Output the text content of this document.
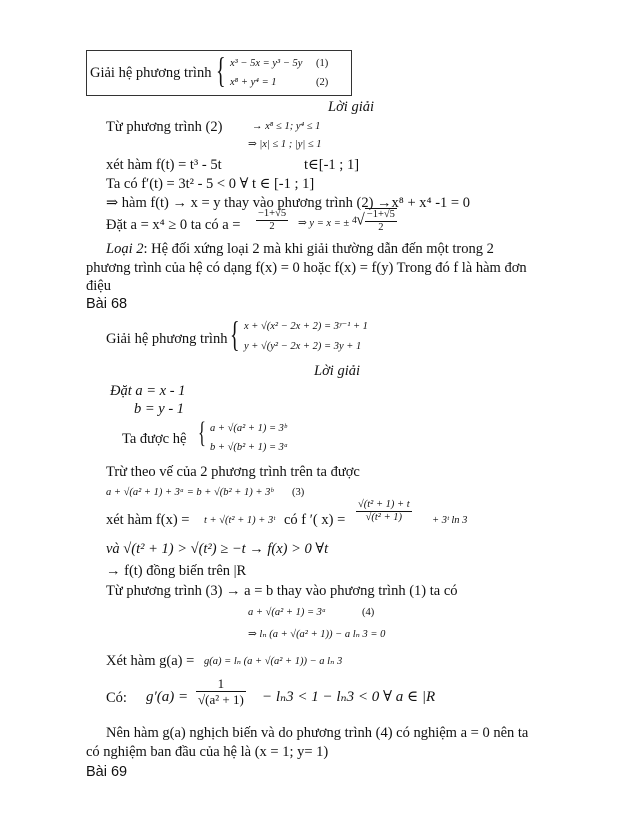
Giải hệ phương trình { x³ − 5x = y³ − 5y (1)
x⁸ + y⁴ = 1	(2)
Lời giải
Từ phương trình (2)	→ x⁸ ≤ 1; y⁴ ≤ 1
⇒ |x| ≤ 1 ; |y| ≤ 1
xét hàm f(t) = t³ - 5t	t∈[-1 ; 1]
Ta có f′(t) = 3t² - 5 < 0 ∀ t ∈ [-1 ; 1]
⇒ hàm f(t) → x = y thay vào phương trình (2) →x⁸ + x⁴ -1 = 0
Đặt a = x⁴ ≥ 0 ta có $a = \frac{-1+√5}{2}$ ⇒ y = x = ± 4 √ $\frac{-1+√5}{2}$
Loại 2: Hệ đối xứng loại 2 mà khi giải thường dẫn đến một trong 2
phương trình của hệ có dạng f(x) = 0 hoặc f(x) = f(y) Trong đó f là hàm đơn
điệu
Bài 68
Giải hệ phương trình { x + √(x² − 2x + 2) = 3ʸ⁻¹ + 1
y + √(y² − 2x + 2) = 3y + 1
Lời giải
Đặt a = x - 1
b = y - 1
Ta được hệ { a + √(a² + 1) = 3ᵇ
b + √(b² + 1) = 3ᵃ
Trừ theo vế của 2 phương trình trên ta được
a + √(a² + 1) + 3ᵃ = b + √(b² + 1) + 3ᵇ (3)
xét hàm f(x) = t + √(t² + 1) + 3ᵗ có f ′( $x) = \frac{\text{√(t² + 1) + t}}{\text{√(t² + 1)}}$ + 3ᵗ ln 3
và √(t² + 1) > √(t²) ≥ −t → f(x) > 0 ∀t
→ f(t) đồng biến trên |R
Từ phương trình (3) → a = b thay vào phương trình (1) ta có
a + √(a² + 1) = 3ᵃ	(4)
⇒ lₙ (a + √(a² + 1)) − a lₙ 3 = 0
Xét hàm g(a) = g(a) = lₙ (a + √(a² + 1)) − a lₙ 3
Có: $g'(a) = \frac{1}{\text{√(a² + 1)}} - l_n3 < 1 - l_n3 < 0$ ∀ a ∈ |R
Nên hàm g(a) nghịch biến và do phương trình (4) có nghiệm a = 0 nên ta
có nghiệm ban đầu của hệ là (x = 1; y= 1)
Bài 69
